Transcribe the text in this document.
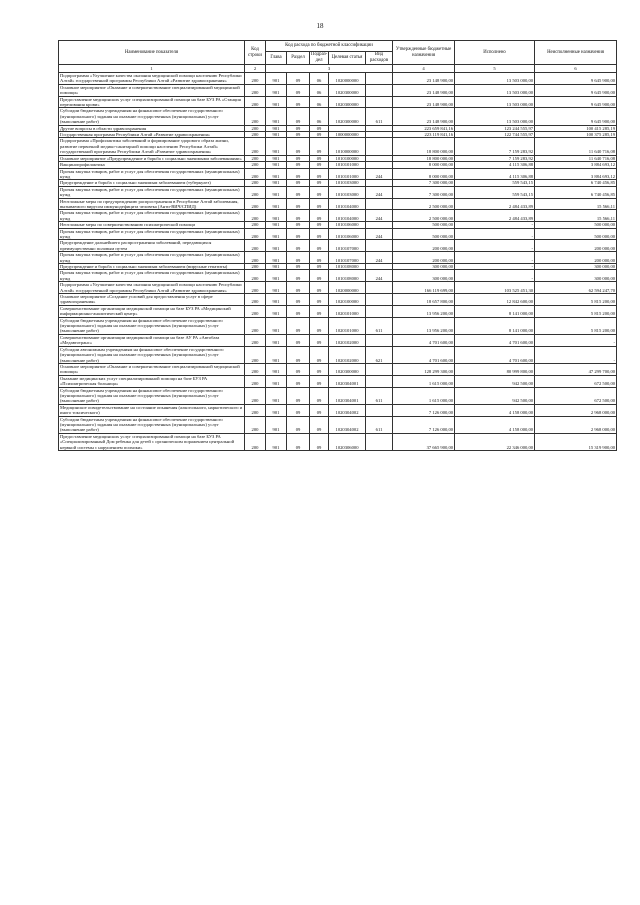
18
Наименование показателя	Код строки	Код расхода по бюджетной классификации					Утвержденные бюджетные назначения	Исполнено	Неисполненные назначения
		Главa	Раздел	Подраз-дел	Целевая статья	Вид расходов			
1	2	3					4	5	6
Подпрограмма «Улучшение качества оказания медицинской помощи населению Республики Алтай» государственной программы Республики Алтай «Развитие здравоохранения»	200	901	09	06	1020000000		23 148 900,00	13 503 000,00	9 645 900,00
Основное мероприятие «Оказание и совершенствование специализированной медицинской помощи»	200	901	09	06	1020300000		23 148 900,00	13 503 000,00	9 645 900,00
Предоставление медицинских услуг специализированной помощи на базе БУЗ РА «Станция переливания крови»	200	901	09	06	1020300000		23 148 900,00	13 503 000,00	9 645 900,00
Субсидии бюджетным учреждениям на финансовое обеспечение государственного (муниципального) задания на оказание государственных (муниципальных) услуг (выполнение работ)	200	901	09	06	1020300000	611	23 148 900,00	13 503 000,00	9 645 900,00
Другие вопросы в области здравоохранения	200	901	09	09			223 659 841,16	123 244 555,97	100 415 285,19
Государственная программа Республики Алтай «Развитие здравоохранения»	200	901	09	09	1000000000		223 119 841,16	122 744 555,97	100 375 285,19
Подпрограмма «Профилактика заболеваний и формирование здорового образа жизни, развитие первичной медико-санитарной помощи населению Республики Алтай» государственной программы Республики Алтай «Развитие здравоохранения»	200	901	09	09	1010000000		18 800 000,00	7 159 283,92	11 640 716,08
Основное мероприятие «Предупреждение и борьба с социально значимыми заболеваниями»	200	901	09	09	1010100000		18 800 000,00	7 159 283,92	11 640 716,08
Вакцинопрофилактика	200	901	09	09	1010101000		8 000 000,00	4 115 306,88	3 884 693,12
Прочая закупка товаров, работ и услуг для обеспечения государственных (муниципальных) нужд	200	901	09	09	1010101000	244	8 000 000,00	4 115 306,88	3 884 693,12
Предупреждение и борьба с социально значимым заболеванием (туберкулез)	200	901	09	09	1010103000		7 300 000,00	559 543,15	6 740 456,85
Прочая закупка товаров, работ и услуг для обеспечения государственных (муниципальных) нужд	200	901	09	09	1010103000	244	7 300 000,00	559 543,15	6 740 456,85
Неотложные меры по предупреждению распространения в Республике Алтай заболевания, вызываемого вирусом иммунодефицита человека (Анти-ВИЧ/СПИД)	200	901	09	09	1010104000		2 500 000,00	2 484 433,89	15 566,11
Прочая закупка товаров, работ и услуг для обеспечения государственных (муниципальных) нужд	200	901	09	09	1010104000	244	2 500 000,00	2 484 433,89	15 566,11
Неотложные меры по совершенствованию психиатрической помощи	200	901	09	09	1010106000		500 000,00	-	500 000,00
Прочая закупка товаров, работ и услуг для обеспечения государственных (муниципальных) нужд	200	901	09	09	1010106000	244	500 000,00	-	500 000,00
Предупреждение дальнейшего распространения заболеваний, передающихся преимущественно половым путем	200	901	09	09	1010107000		200 000,00	-	200 000,00
Прочая закупка товаров, работ и услуг для обеспечения государственных (муниципальных) нужд	200	901	09	09	1010107000	244	200 000,00	-	200 000,00
Предупреждение и борьба с социально значимым заболеванием (вирусные гепатиты)	200	901	09	09	1010108000		300 000,00	-	300 000,00
Прочая закупка товаров, работ и услуг для обеспечения государственных (муниципальных) нужд	200	901	09	09	1010108000	244	300 000,00	-	300 000,00
Подпрограмма «Улучшение качества оказания медицинской помощи населению Республики Алтай» государственной программы Республики Алтай «Развитие здравоохранения»	200	901	09	09	1020000000		166 119 699,00	103 525 451,30	62 594 247,70
Основное мероприятие «Создание условий для предоставления услуг в сфере здравоохранения»	200	901	09	09	1020100000		18 657 800,00	12 842 600,00	5 815 200,00
Совершенствование организации медицинской помощи на базе БУЗ РА «Медицинский информационно-аналитический центр»	200	901	09	09	1020101000		13 956 200,00	8 141 000,00	5 815 200,00
Субсидии бюджетным учреждениям на финансовое обеспечение государственного (муниципального) задания на оказание государственных (муниципальных) услуг (выполнение работ)	200	901	09	09	1020101000	611	13 956 200,00	8 141 000,00	5 815 200,00
Совершенствование организации медицинской помощи на базе АУ РА «Автобаза «Медавтотранс»	200	901	09	09	1020102000		4 701 600,00	4 701 600,00	-
Субсидии автономным учреждениям на финансовое обеспечение государственного (муниципального) задания на оказание государственных (муниципальных) услуг (выполнение работ)	200	901	09	09	1020102000	621	4 701 600,00	4 701 600,00	-
Основное мероприятие «Оказание и совершенствование специализированной медицинской помощи»	200	901	09	09	1020300000		128 299 300,00	80 999 800,00	47 299 700,00
Оказание медицинских услуг специализированной помощи на базе БУЗ РА «Психиатрическая больница»	200	901	09	09	1020304001		1 615 000,00	942 500,00	672 500,00
Субсидии бюджетным учреждениям на финансовое обеспечение государственного (муниципального) задания на оказание государственных (муниципальных) услуг (выполнение работ)	200	901	09	09	1020304001	611	1 615 000,00	942 500,00	672 500,00
Медицинское освидетельствование на состояние опьянения (алкогольного, наркотического и иного токсического)	200	901	09	09	1020304002		7 126 000,00	4 158 000,00	2 968 000,00
Субсидии бюджетным учреждениям на финансовое обеспечение государственного (муниципального) задания на оказание государственных (муниципальных) услуг (выполнение работ)	200	901	09	09	1020304002	611	7 126 000,00	4 158 000,00	2 968 000,00
Предоставление медицинских услуг специализированной помощи на базе БУЗ РА «Специализированный Дом ребенка для детей с органическим поражением центральной нервной системы с нарушением психики»	200	901	09	09	1020306000		37 665 900,00	22 346 000,00	15 319 900,00
